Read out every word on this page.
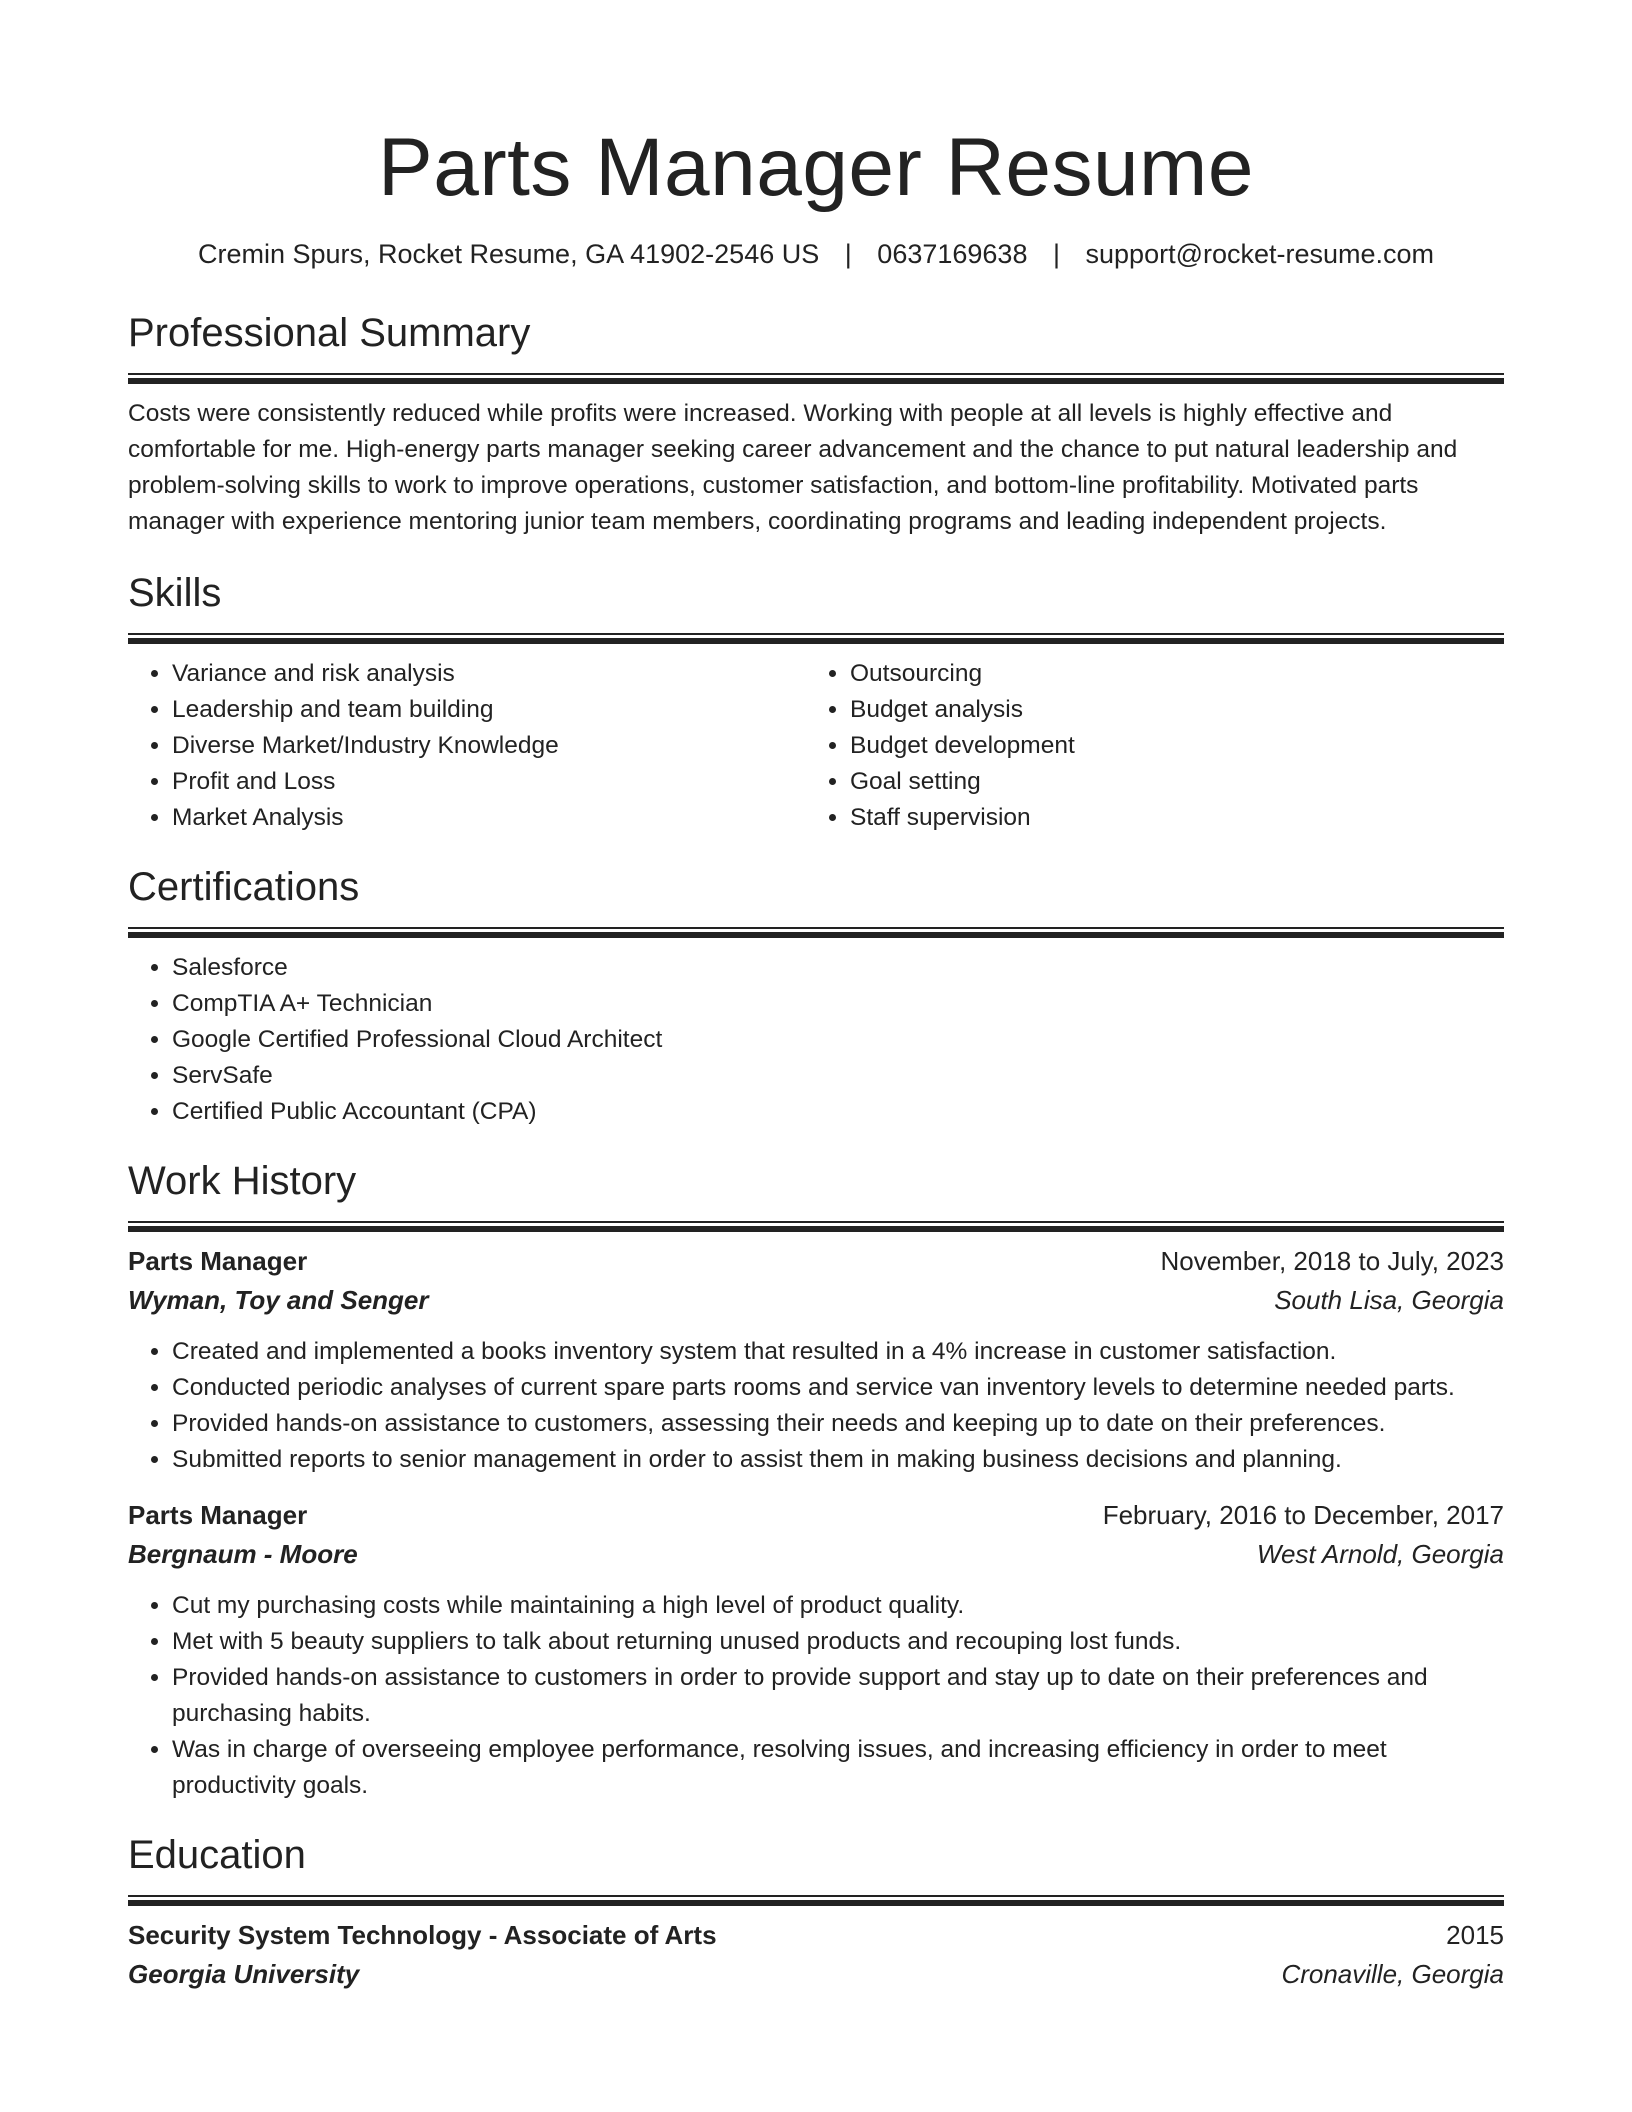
Parts Manager Resume
Cremin Spurs, Rocket Resume, GA 41902-2546 US | 0637169638 | support@rocket-resume.com
Professional Summary
Costs were consistently reduced while profits were increased. Working with people at all levels is highly effective and comfortable for me. High-energy parts manager seeking career advancement and the chance to put natural leadership and problem-solving skills to work to improve operations, customer satisfaction, and bottom-line profitability. Motivated parts manager with experience mentoring junior team members, coordinating programs and leading independent projects.
Skills
• Variance and risk analysis
• Leadership and team building
• Diverse Market/Industry Knowledge
• Profit and Loss
• Market Analysis
• Outsourcing
• Budget analysis
• Budget development
• Goal setting
• Staff supervision
Certifications
• Salesforce
• CompTIA A+ Technician
• Google Certified Professional Cloud Architect
• ServSafe
• Certified Public Accountant (CPA)
Work History
Parts Manager	November, 2018 to July, 2023
Wyman, Toy and Senger	South Lisa, Georgia
• Created and implemented a books inventory system that resulted in a 4% increase in customer satisfaction.
• Conducted periodic analyses of current spare parts rooms and service van inventory levels to determine needed parts.
• Provided hands-on assistance to customers, assessing their needs and keeping up to date on their preferences.
• Submitted reports to senior management in order to assist them in making business decisions and planning.
Parts Manager	February, 2016 to December, 2017
Bergnaum - Moore	West Arnold, Georgia
• Cut my purchasing costs while maintaining a high level of product quality.
• Met with 5 beauty suppliers to talk about returning unused products and recouping lost funds.
• Provided hands-on assistance to customers in order to provide support and stay up to date on their preferences and purchasing habits.
• Was in charge of overseeing employee performance, resolving issues, and increasing efficiency in order to meet productivity goals.
Education
Security System Technology - Associate of Arts	2015
Georgia University	Cronaville, Georgia
